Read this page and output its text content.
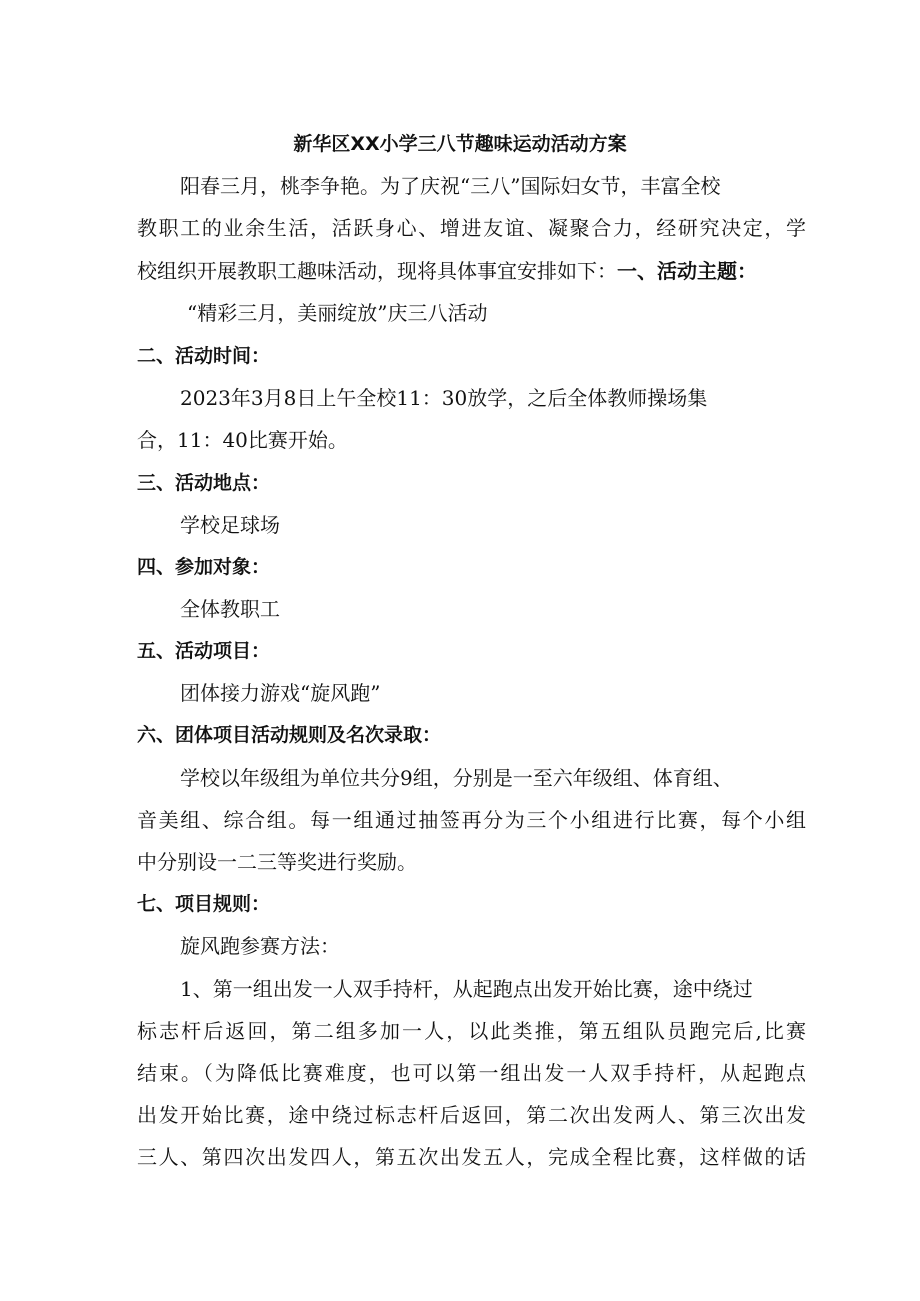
新华区XX小学三八节趣味运动活动方案
阳春三月，桃李争艳。为了庆祝“三八”国际妇女节，丰富全校
教职工的业余生活，活跃身心、增进友谊、凝聚合力，经研究决定，学
校组织开展教职工趣味活动，现将具体事宜安排如下：一、活动主题：
“精彩三月，美丽绽放”庆三八活动
二、活动时间：
2023年3月8日上午全校11：30放学，之后全体教师操场集
合，11：40比赛开始。
三、活动地点：
学校足球场
四、参加对象：
全体教职工
五、活动项目：
团体接力游戏“旋风跑”
六、团体项目活动规则及名次录取：
学校以年级组为单位共分9组，分别是一至六年级组、体育组、
音美组、综合组。每一组通过抽签再分为三个小组进行比赛，每个小组
中分别设一二三等奖进行奖励。
七、项目规则：
旋风跑参赛方法：
1、第一组出发一人双手持杆，从起跑点出发开始比赛，途中绕过
标志杆后返回，第二组多加一人，以此类推，第五组队员跑完后,比赛
结束。（为降低比赛难度，也可以第一组出发一人双手持杆，从起跑点
出发开始比赛，途中绕过标志杆后返回，第二次出发两人、第三次出发
三人、第四次出发四人，第五次出发五人，完成全程比赛，这样做的话
